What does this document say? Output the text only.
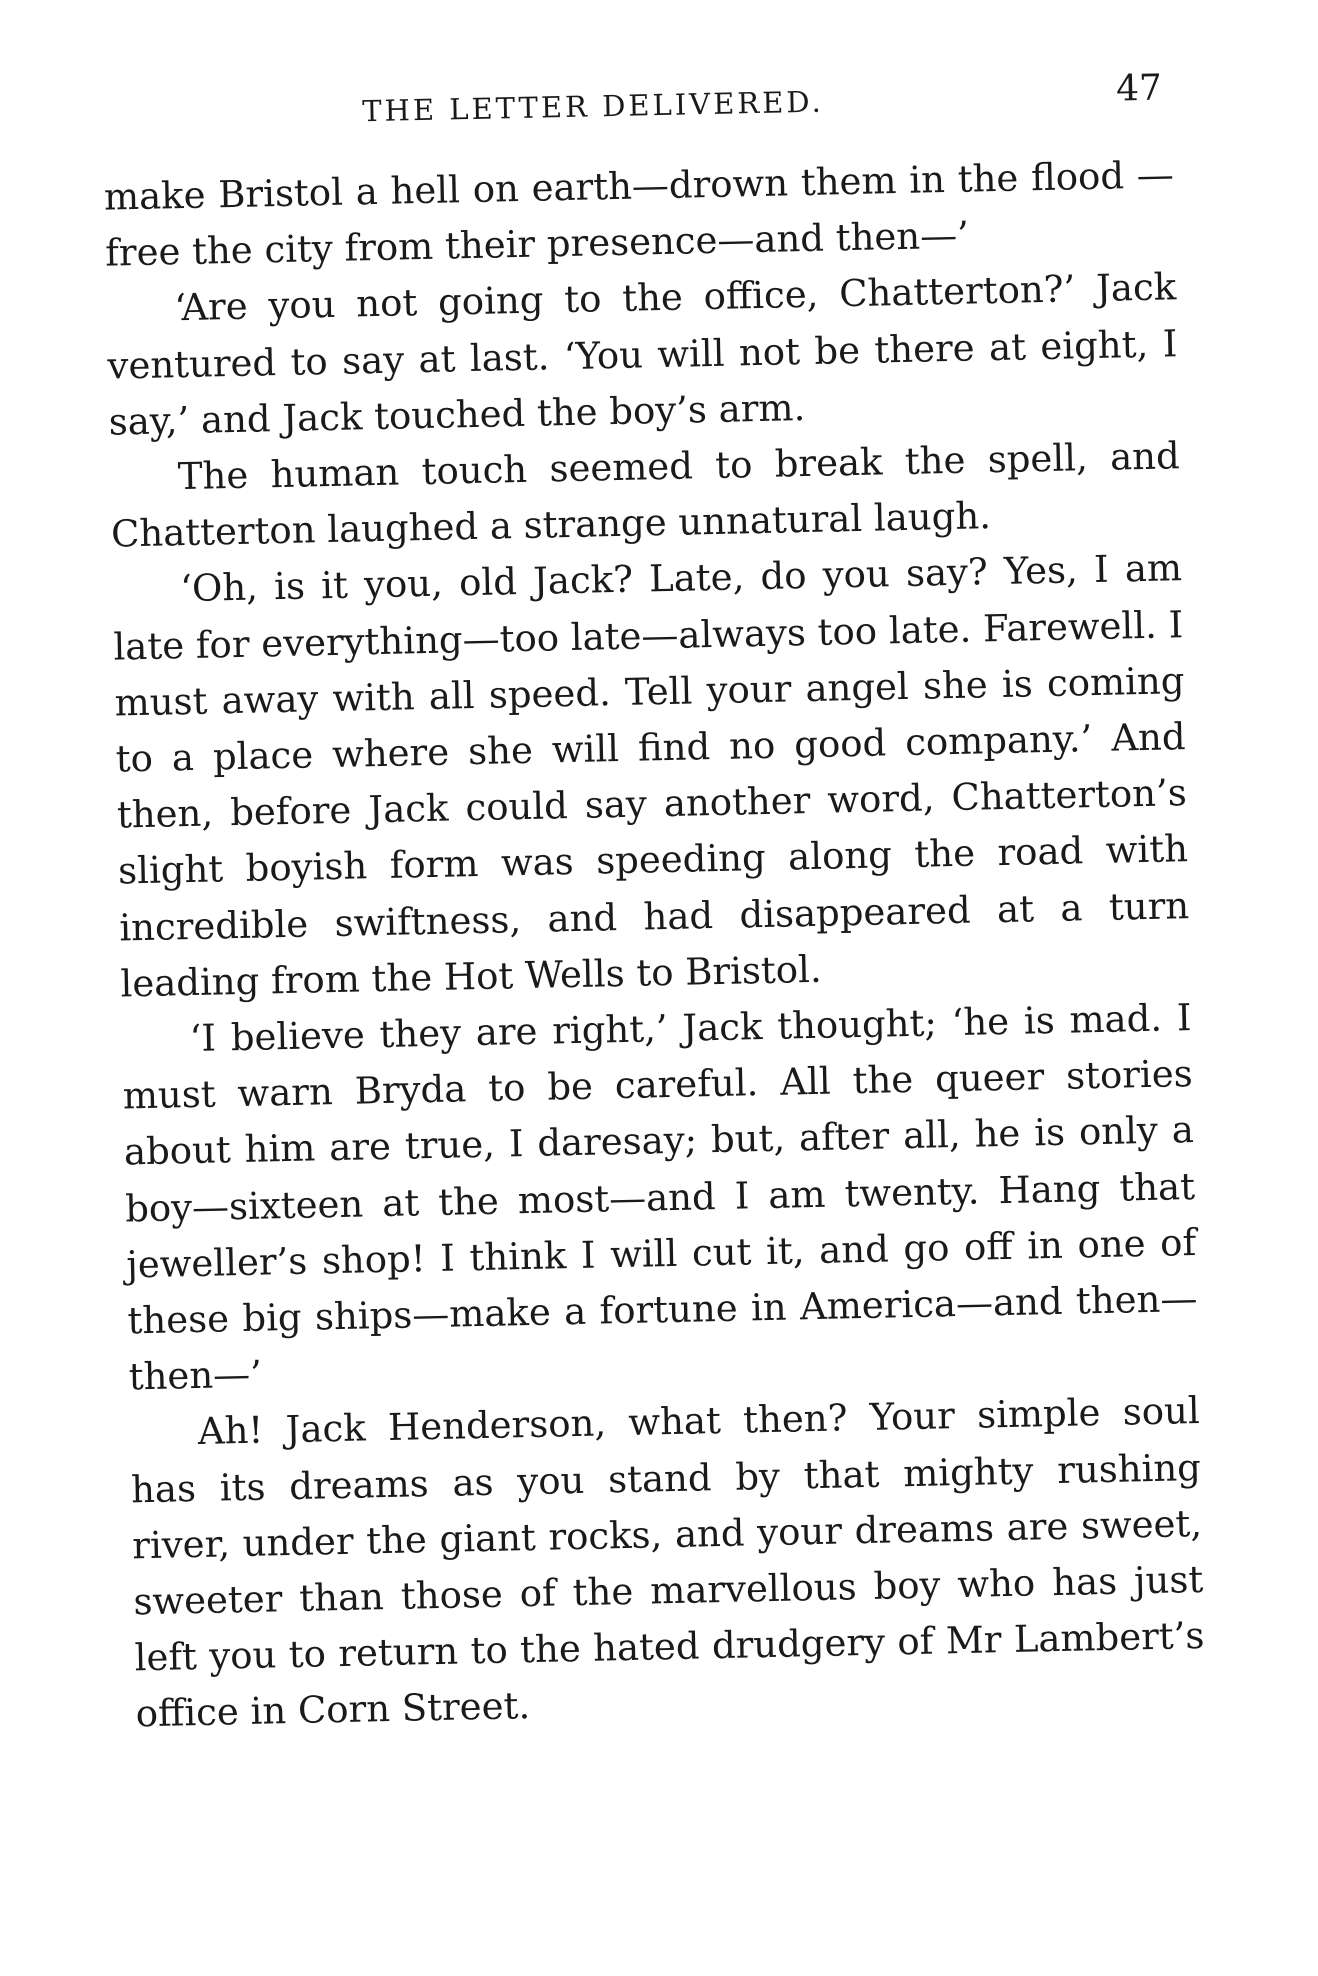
THE LETTER DELIVERED.	47

make Bristol a hell on earth—drown them in the flood —free the city from their presence—and then—’

‘Are you not going to the office, Chatterton?’ Jack ventured to say at last. ‘You will not be there at eight, I say,’ and Jack touched the boy’s arm.

The human touch seemed to break the spell, and Chatterton laughed a strange unnatural laugh.

‘Oh, is it you, old Jack? Late, do you say? Yes, I am late for everything—too late—always too late. Farewell. I must away with all speed. Tell your angel she is coming to a place where she will find no good company.’ And then, before Jack could say another word, Chatterton’s slight boyish form was speeding along the road with incredible swiftness, and had disappeared at a turn leading from the Hot Wells to Bristol.

‘I believe they are right,’ Jack thought; ‘he is mad. I must warn Bryda to be careful. All the queer stories about him are true, I daresay; but, after all, he is only a boy—sixteen at the most—and I am twenty. Hang that jeweller’s shop! I think I will cut it, and go off in one of these big ships—make a fortune in America—and then—then—’

Ah! Jack Henderson, what then? Your simple soul has its dreams as you stand by that mighty rushing river, under the giant rocks, and your dreams are sweet, sweeter than those of the marvellous boy who has just left you to return to the hated drudgery of Mr Lambert’s office in Corn Street.
